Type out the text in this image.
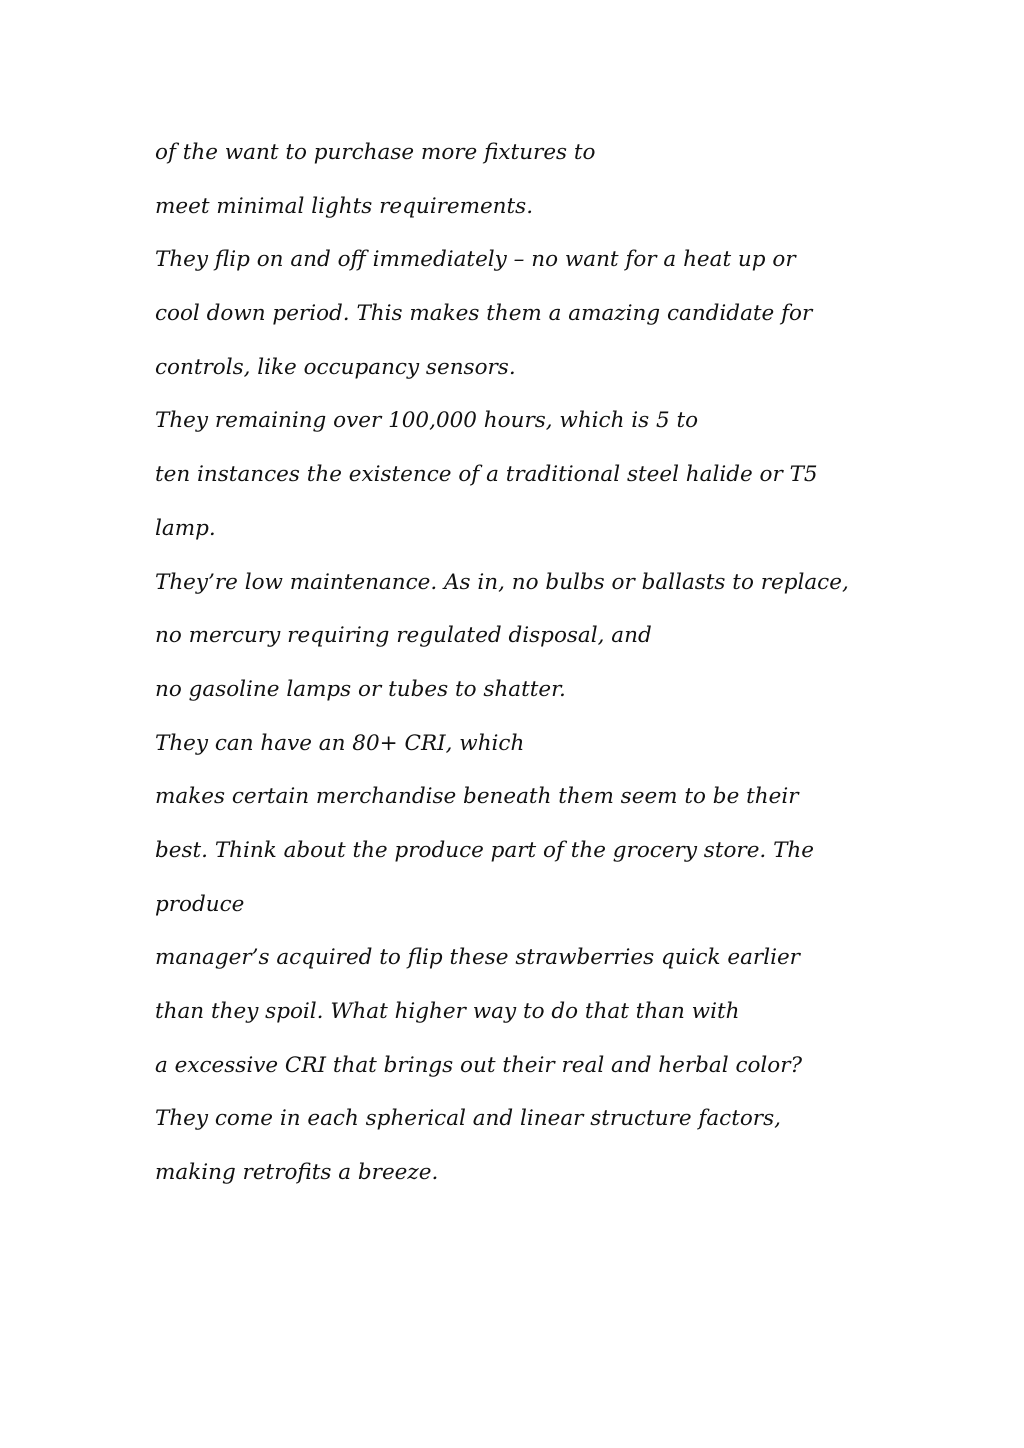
of the want to purchase more fixtures to
meet minimal lights requirements.
They flip on and off immediately – no want for a heat up or
cool down period. This makes them a amazing candidate for
controls, like occupancy sensors.
They remaining over 100,000 hours, which is 5 to
ten instances the existence of a traditional steel halide or T5
lamp.
They’re low maintenance. As in, no bulbs or ballasts to replace,
no mercury requiring regulated disposal, and
no gasoline lamps or tubes to shatter.
They can have an 80+ CRI, which
makes certain merchandise beneath them seem to be their
best. Think about the produce part of the grocery store. The
produce
manager’s acquired to flip these strawberries quick earlier
than they spoil. What higher way to do that than with
a excessive CRI that brings out their real and herbal color?
They come in each spherical and linear structure factors,
making retrofits a breeze.
